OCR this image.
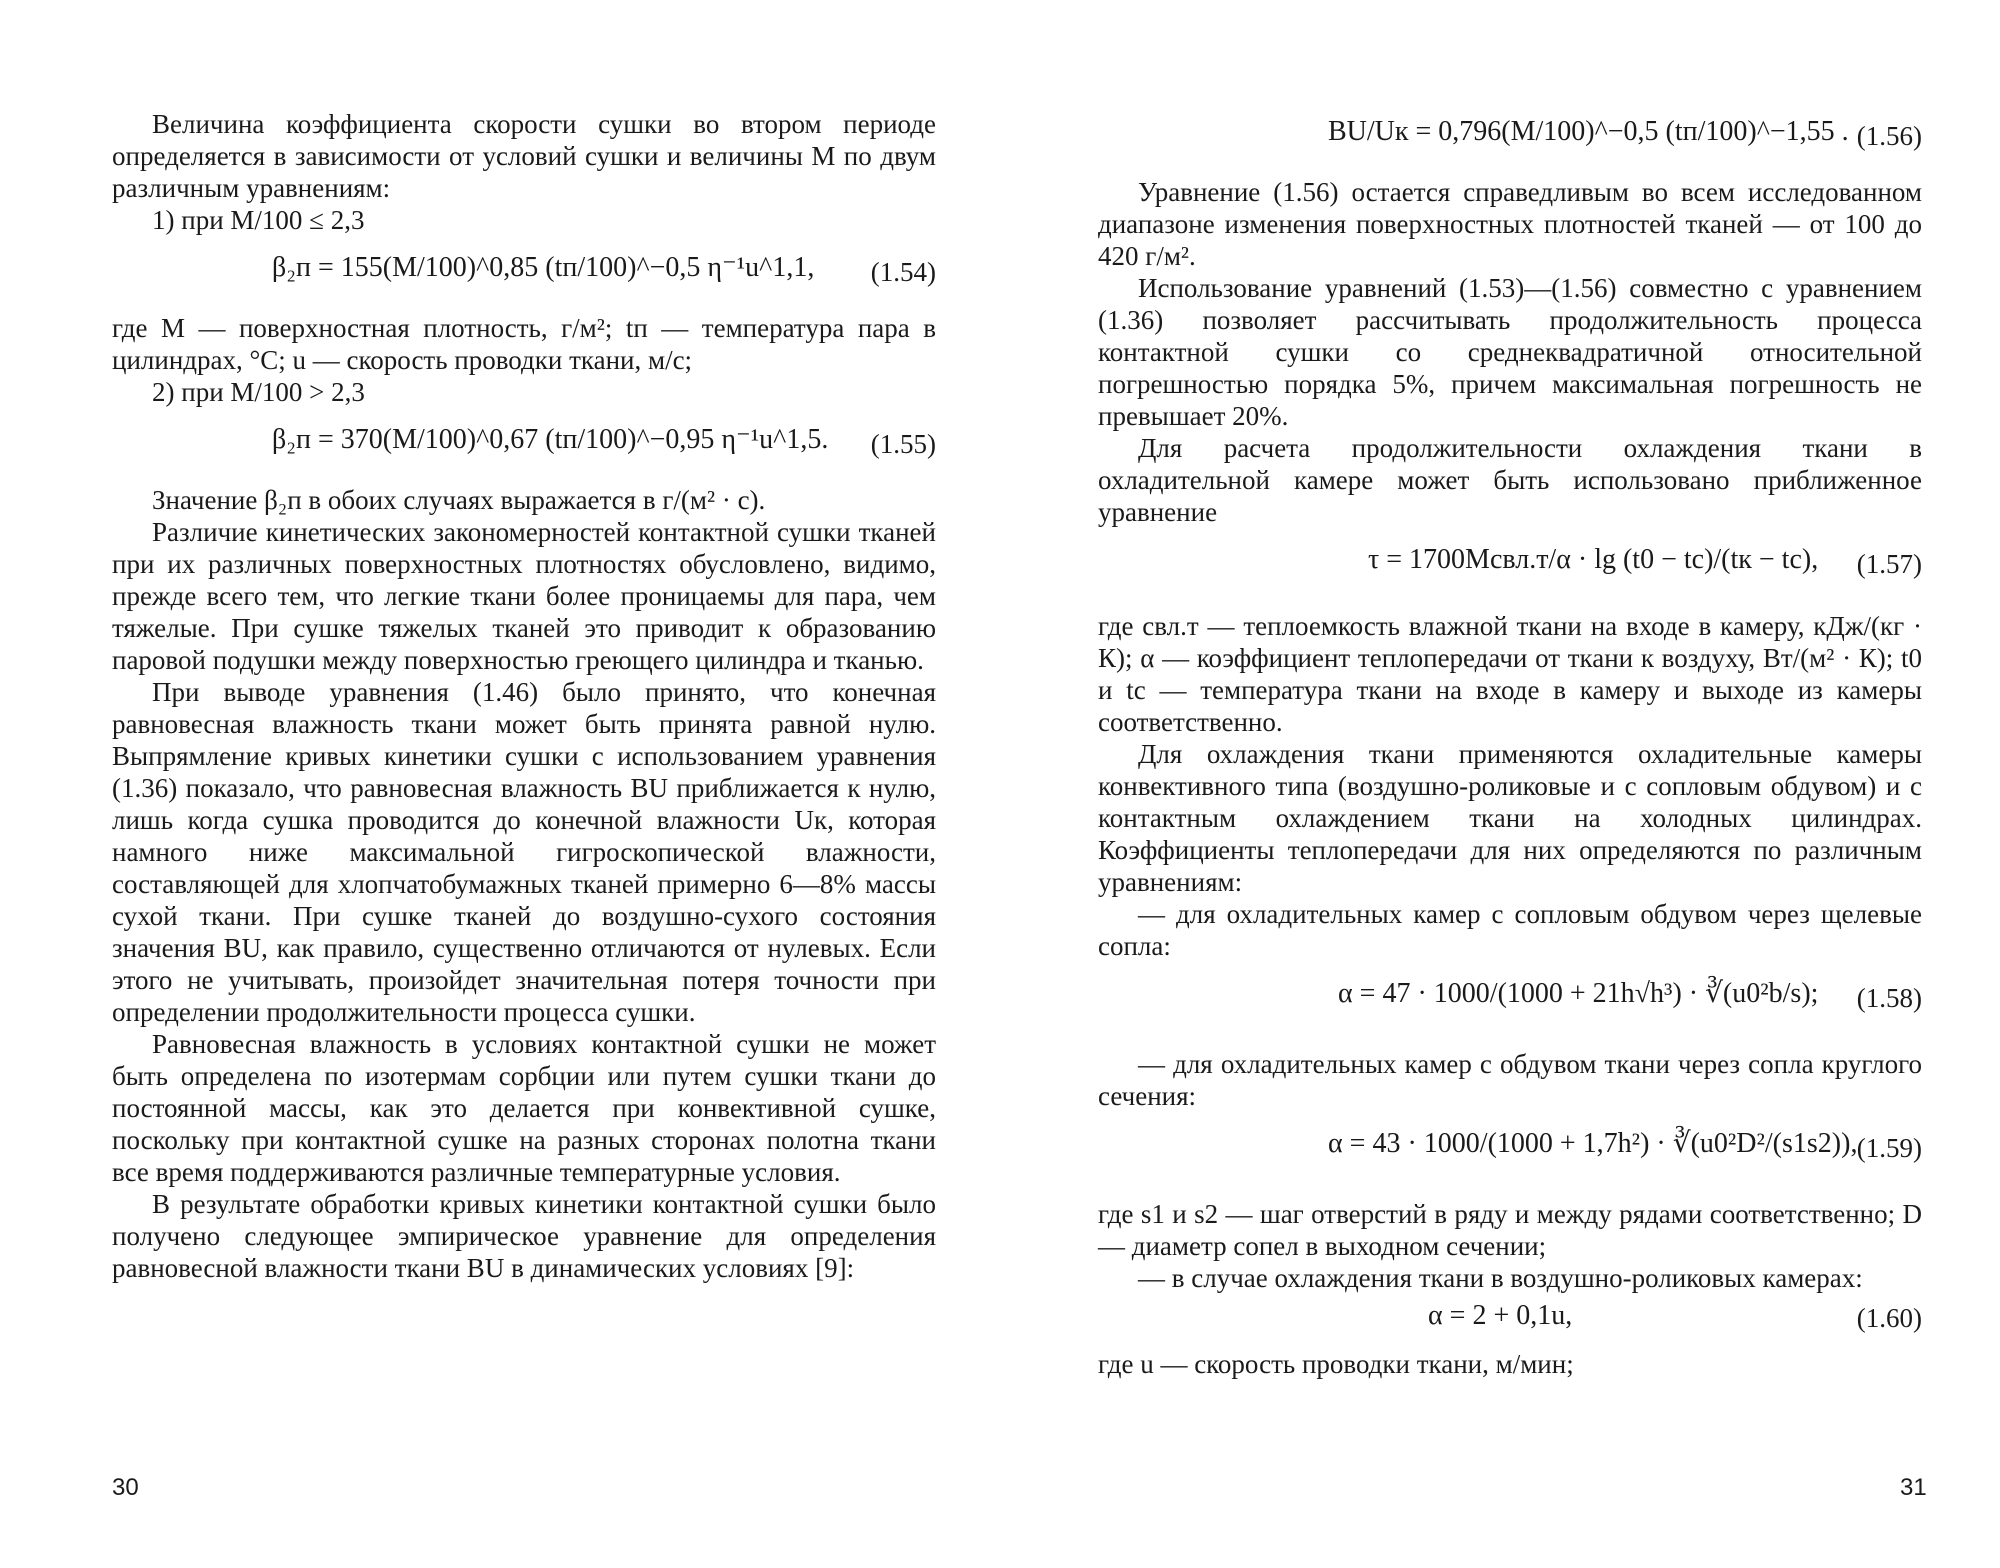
Величина коэффициента скорости сушки во втором периоде определяется в зависимости от условий сушки и величины M по двум различным уравнениям:

1) при M/100 ≤ 2,3

β₂п = 155(M/100)^0,85 (tп/100)^−0,5 η⁻¹u^1,1, (1.54)

где M — поверхностная плотность, г/м²; tп — температура пара в цилиндрах, °С; u — скорость проводки ткани, м/с;

2) при M/100 > 2,3

β₂п = 370(M/100)^0,67 (tп/100)^−0,95 η⁻¹u^1,5. (1.55)

Значение β₂п в обоих случаях выражается в г/(м² · с).

Различие кинетических закономерностей контактной сушки тканей при их различных поверхностных плотностях обусловлено, видимо, прежде всего тем, что легкие ткани более проницаемы для пара, чем тяжелые. При сушке тяжелых тканей это приводит к образованию паровой подушки между поверхностью греющего цилиндра и тканью.

При выводе уравнения (1.46) было принято, что конечная равновесная влажность ткани может быть принята равной нулю. Выпрямление кривых кинетики сушки с использованием уравнения (1.36) показало, что равновесная влажность BU приближается к нулю, лишь когда сушка проводится до конечной влажности Uк, которая намного ниже максимальной гигроскопической влажности, составляющей для хлопчатобумажных тканей примерно 6—8% массы сухой ткани. При сушке тканей до воздушно-сухого состояния значения BU, как правило, существенно отличаются от нулевых. Если этого не учитывать, произойдет значительная потеря точности при определении продолжительности процесса сушки.

Равновесная влажность в условиях контактной сушки не может быть определена по изотермам сорбции или путем сушки ткани до постоянной массы, как это делается при конвективной сушке, поскольку при контактной сушке на разных сторонах полотна ткани все время поддерживаются различные температурные условия.

В результате обработки кривых кинетики контактной сушки было получено следующее эмпирическое уравнение для определения равновесной влажности ткани BU в динамических условиях [9]:

30
BU/Uк = 0,796(M/100)^−0,5 (tп/100)^−1,55 . (1.56)

Уравнение (1.56) остается справедливым во всем исследованном диапазоне изменения поверхностных плотностей тканей — от 100 до 420 г/м².

Использование уравнений (1.53)—(1.56) совместно с уравнением (1.36) позволяет рассчитывать продолжительность процесса контактной сушки со среднеквадратичной относительной погрешностью порядка 5%, причем максимальная погрешность не превышает 20%.

Для расчета продолжительности охлаждения ткани в охладительной камере может быть использовано приближенное уравнение

τ = 1700Mcвл.т/α · lg (t0 − tс)/(tк − tс), (1.57)

где cвл.т — теплоемкость влажной ткани на входе в камеру, кДж/(кг · К); α — коэффициент теплопередачи от ткани к воздуху, Вт/(м² · К); t0 и tс — температура ткани на входе в камеру и выходе из камеры соответственно.

Для охлаждения ткани применяются охладительные камеры конвективного типа (воздушно-роликовые и с сопловым обдувом) и с контактным охлаждением ткани на холодных цилиндрах. Коэффициенты теплопередачи для них определяются по различным уравнениям:

— для охладительных камер с сопловым обдувом через щелевые сопла:

α = 47 · 1000/(1000 + 21h√h³) · ∛(u0²b/s); (1.58)

— для охладительных камер с обдувом ткани через сопла круглого сечения:

α = 43 · 1000/(1000 + 1,7h²) · ∛(u0²D²/(s1s2)), (1.59)

где s1 и s2 — шаг отверстий в ряду и между рядами соответственно; D — диаметр сопел в выходном сечении;

— в случае охлаждения ткани в воздушно-роликовых камерах:

α = 2 + 0,1u,	(1.60)

где u — скорость проводки ткани, м/мин;

31
